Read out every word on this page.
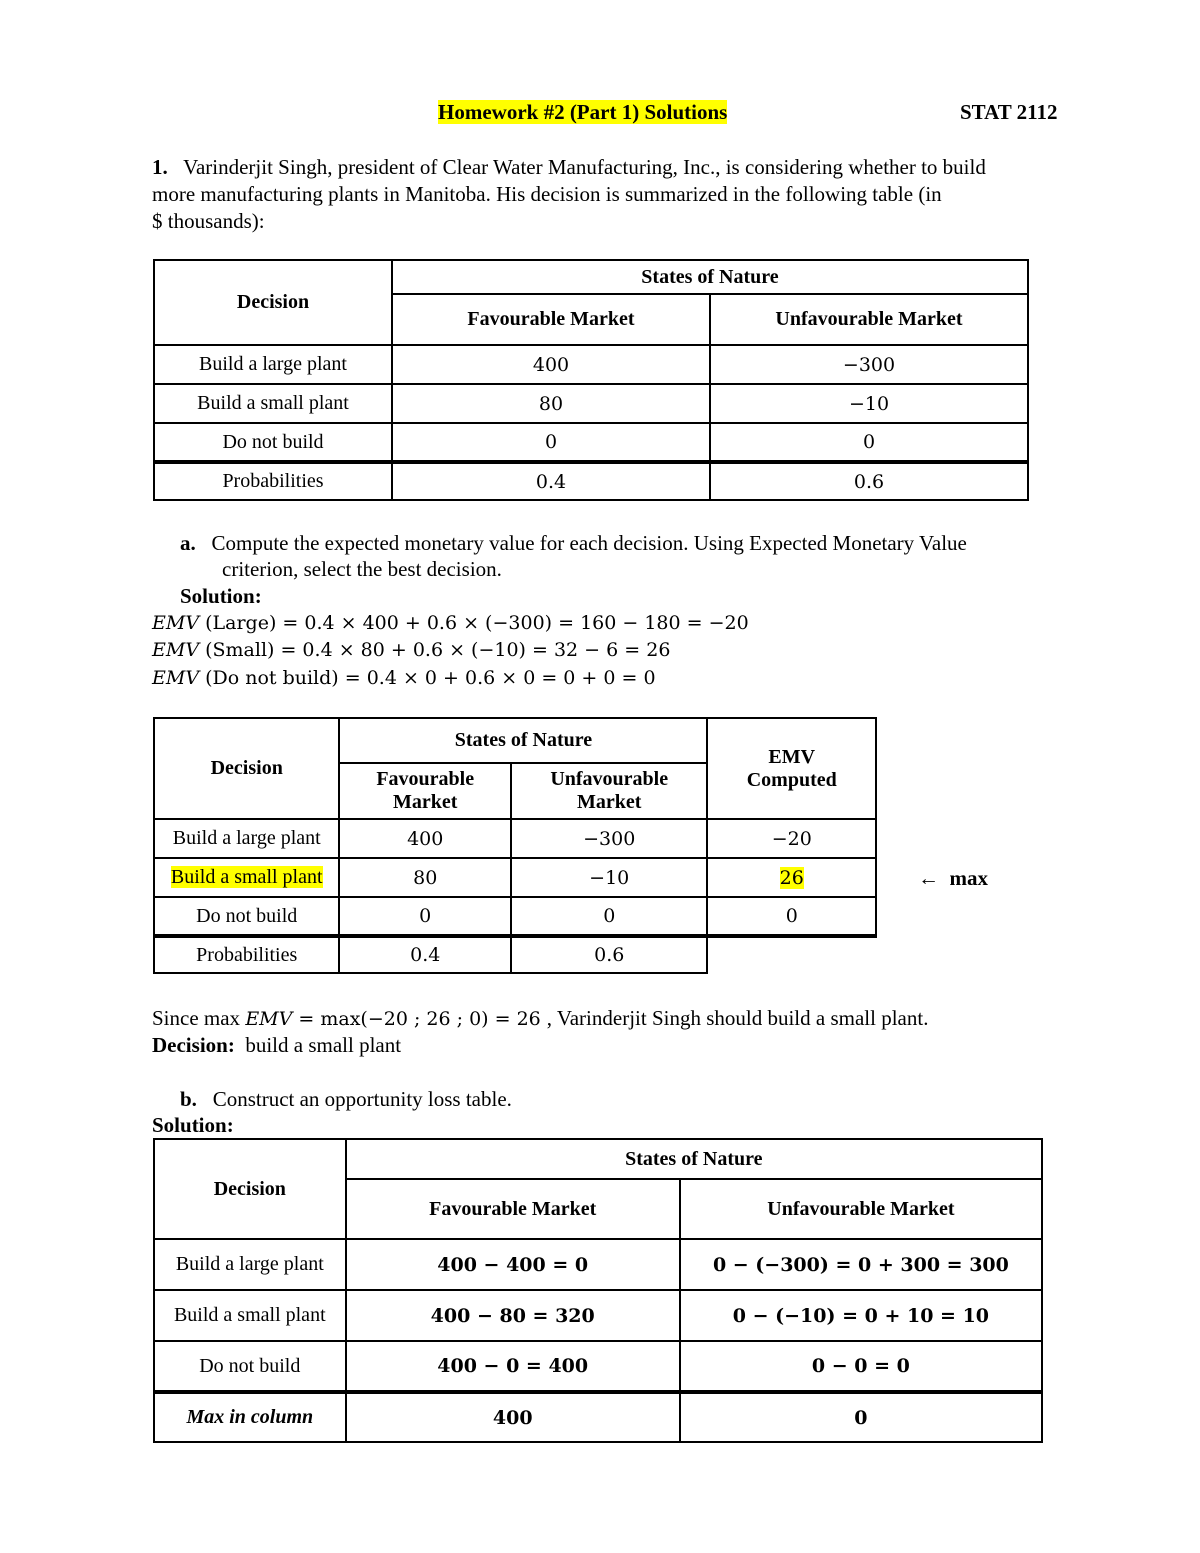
Homework #2 (Part 1) Solutions	STAT 2112
1. Varinderjit Singh, president of Clear Water Manufacturing, Inc., is considering whether to build
more manufacturing plants in Manitoba. His decision is summarized in the following table (in
$ thousands):
Decision	States of Nature	
	Favourable Market	Unfavourable Market
Build a large plant	400	−300
Build a small plant	80	−10
Do not build	0	0
Probabilities	0.4	0.6
a. Compute the expected monetary value for each decision. Using Expected Monetary Value
criterion, select the best decision.
Solution:
EMV (Large) = 0.4 × 400 + 0.6 × (−300) = 160 − 180 = −20
EMV (Small) = 0.4 × 80 + 0.6 × (−10) = 32 − 6 = 26
EMV (Do not build) = 0.4 × 0 + 0.6 × 0 = 0 + 0 = 0
Decision	States of Nature		EMV
Computed
	Favourable Market	Unfavourable Market	
Build a large plant	400	−300	−20
Build a small plant	80	−10	26
Do not build	0	0	0
Probabilities	0.4	0.6	
← max
Since max EMV = max(−20 ; 26 ; 0) = 26 , Varinderjit Singh should build a small plant.
Decision: build a small plant
b. Construct an opportunity loss table.
Solution:
Decision	States of Nature	
	Favourable Market	Unfavourable Market
Build a large plant	400 − 400 = 0	0 − (−300) = 0 + 300 = 300
Build a small plant	400 − 80 = 320	0 − (−10) = 0 + 10 = 10
Do not build	400 − 0 = 400	0 − 0 = 0
Max in column	400	0
